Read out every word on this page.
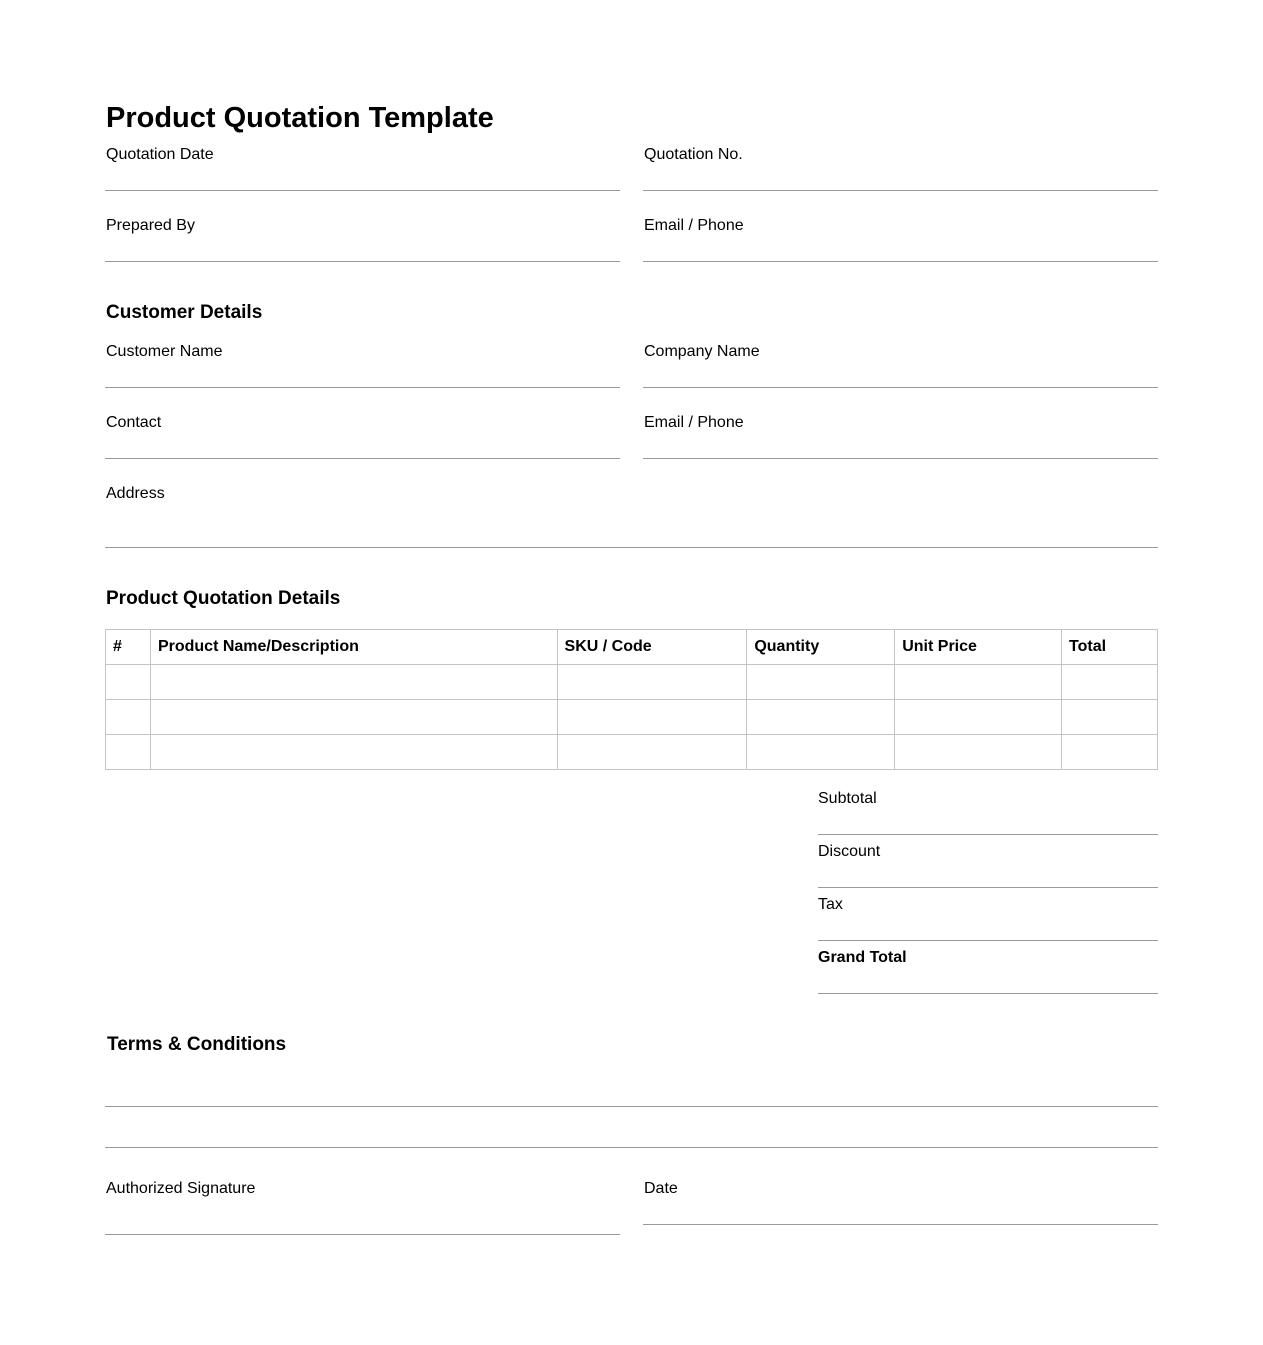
Product Quotation Template
Quotation Date	Quotation No.
Prepared By	Email / Phone
Customer Details
Customer Name	Company Name
Contact	Email / Phone
Address
Product Quotation Details
#	Product Name/Description	SKU / Code	Quantity	Unit Price	Total

Subtotal
Discount
Tax
Grand Total
Terms & Conditions
Authorized Signature	Date
